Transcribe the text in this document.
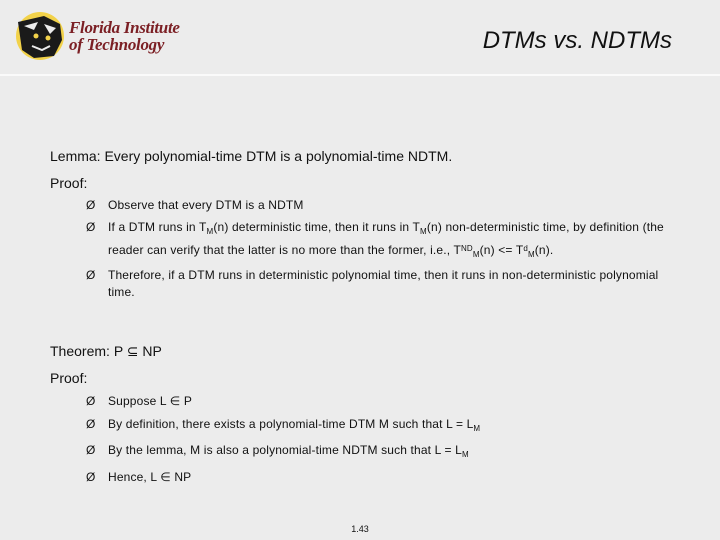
Florida Institute
of Technology	DTMs vs. NDTMs
Lemma: Every polynomial-time DTM is a polynomial-time NDTM.
Proof:
Ø Observe that every DTM is a NDTM
Ø If a DTM runs in $T_M(n)$ deterministic time, then it runs in $T_M(n)$ non-deterministic time, by definition (the reader can verify that the latter is no more than the former, i.e., $T^{ND}_M(n) <= T^d_M(n)$.
Ø Therefore, if a DTM runs in deterministic polynomial time, then it runs in non-deterministic polynomial time.
Theorem: P ⊆ NP
Proof:
Ø Suppose L ∈ P
Ø By definition, there exists a polynomial-time DTM M such that $L = L_M$
Ø By the lemma, M is also a polynomial-time NDTM such that $L = L_M$
Ø Hence, L ∈ NP
1.43
